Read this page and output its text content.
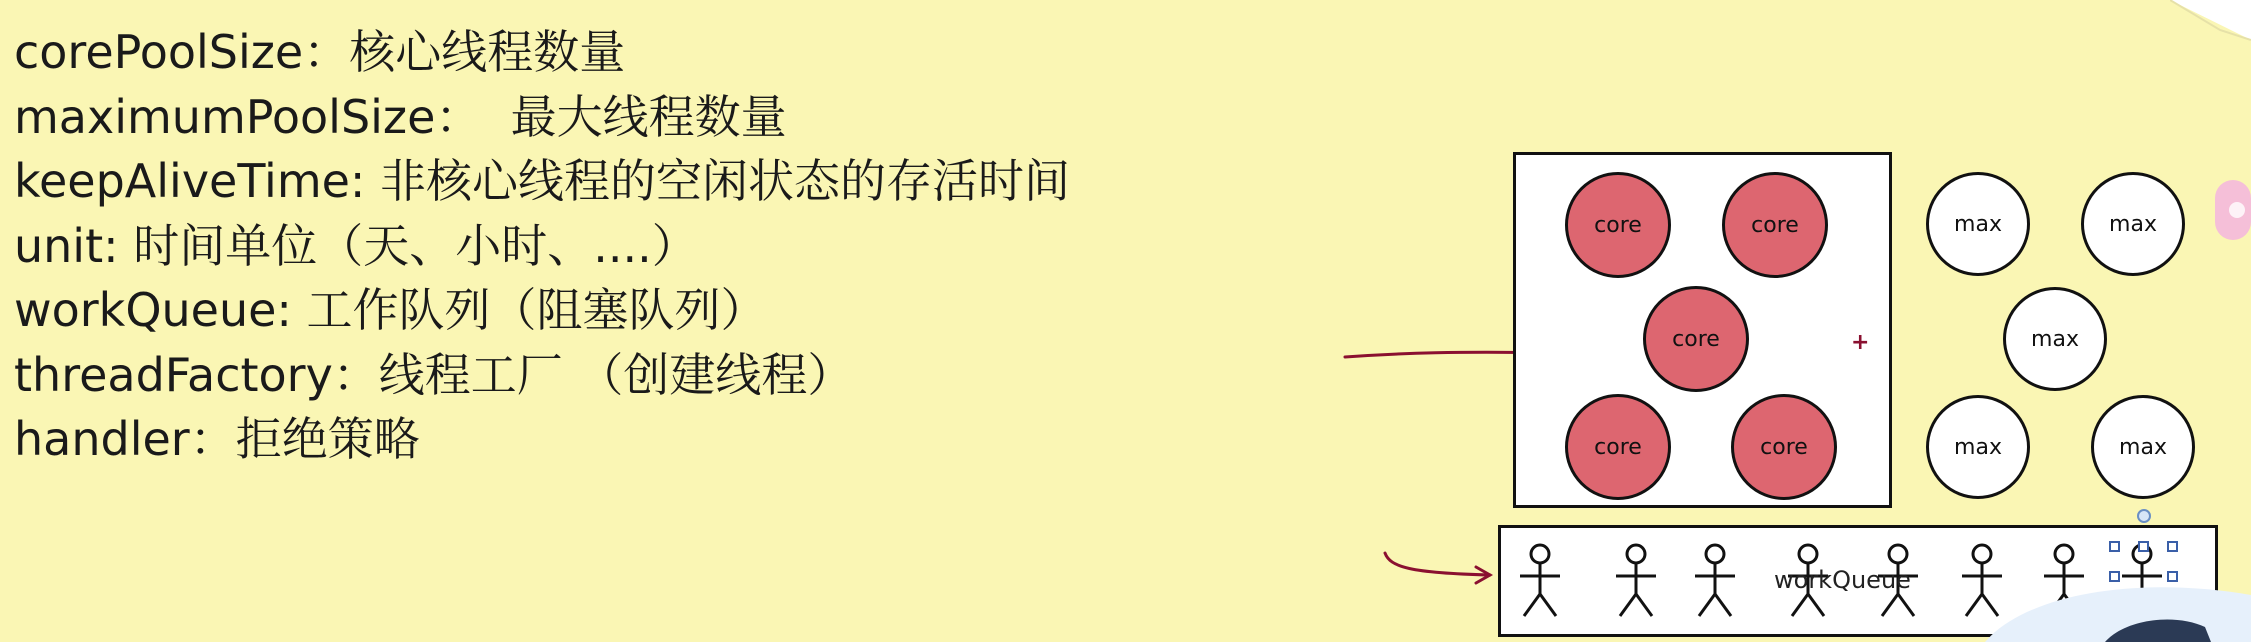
corePoolSize：核心线程数量
maximumPoolSize：  最大线程数量
keepAliveTime: 非核心线程的空闲状态的存活时间
unit: 时间单位（天、小时、....）
workQueue: 工作队列（阻塞队列）
threadFactory：线程工厂 （创建线程）
handler：拒绝策略
core	core
core
core	core
+
max	max
max
max	max
workQueue
